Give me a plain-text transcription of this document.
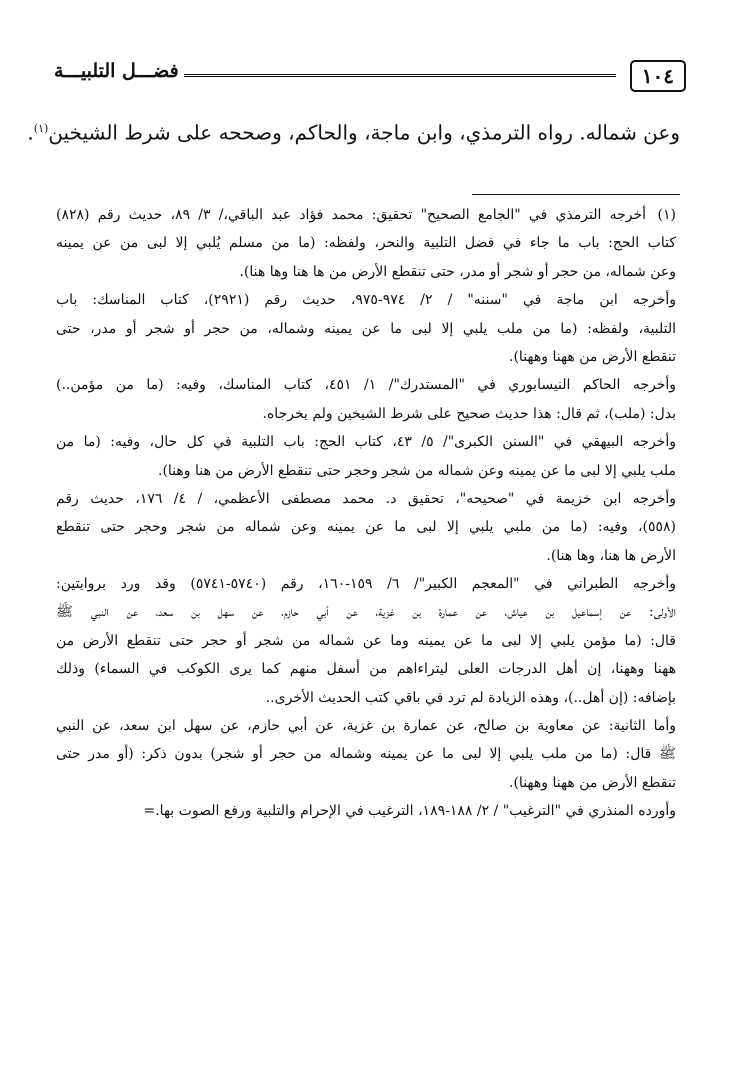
١٠٤
فضـــل التلبيـــة
وعن شماله. رواه الترمذي، وابن ماجة، والحاكم، وصححه على شرط الشيخين$^{(١)}$.
(١)
أخرجه الترمذي في "الجامع الصحيح" تحقيق: محمد فؤاد عبد الباقي،/ ٣/ ٨٩، حديث رقم (٨٢٨)
كتاب الحج: باب ما جاء في فضل التلبية والنحر، ولفظه: (ما من مسلم يُلبي إلا لبى من عن يمينه
وعن شماله، من حجر أو شجر أو مدر، حتى تنقطع الأرض من ها هنا وها هنا).
وأخرجه ابن ماجة في "سننه" / ٢/ ٩٧٤-٩٧٥، حديث رقم (٢٩٢١)، كتاب المناسك: باب
التلبية، ولفظه: (ما من ملب يلبي إلا لبى ما عن يمينه وشماله، من حجر أو شجر أو مدر، حتى
تنقطع الأرض من ههنا وههنا).
وأخرجه الحاكم النيسابوري في "المستدرك"/ ١/ ٤٥١، كتاب المناسك، وفيه: (ما من مؤمن..)
بدل: (ملب)، ثم قال: هذا حديث صحيح على شرط الشيخين ولم يخرجاه.
وأخرجه البيهقي في "السنن الكبرى"/ ٥/ ٤٣، كتاب الحج: باب التلبية في كل حال، وفيه: (ما من
ملب يلبي إلا لبى ما عن يمينه وعن شماله من شجر وحجر حتى تنقطع الأرض من هنا وهنا).
وأخرجه ابن خزيمة في "صحيحه"، تحقيق د. محمد مصطفى الأعظمي، / ٤/ ١٧٦، حديث رقم
(٥٥٨)، وفيه: (ما من ملبي يلبي إلا لبى ما عن يمينه وعن شماله من شجر وحجر حتى تنقطع
الأرض ها هنا، وها هنا).
وأخرجه الطبراني في "المعجم الكبير"/ ٦/ ١٥٩-١٦٠، رقم (٥٧٤٠-٥٧٤١) وقد ورد بروايتين:
الأولى: عن إسماعيل بن عياش، عن عمارة بن غزية، عن أبي حازم، عن سهل بن سعد، عن النبي ﷺ
قال: (ما مؤمن يلبي إلا لبى ما عن يمينه وما عن شماله من شجر أو حجر حتى تنقطع الأرض من
ههنا وههنا، إن أهل الدرجات العلى ليتراءاهم من أسفل منهم كما يرى الكوكب في السماء) وذلك
بإضافه: (إن أهل..)، وهذه الزيادة لم ترد في باقي كتب الحديث الأخرى..
وأما الثانية: عن معاوية بن صالح، عن عمارة بن غزية، عن أبي حازم، عن سهل ابن سعد، عن النبي
ﷺ قال: (ما من ملب يلبي إلا لبى ما عن يمينه وشماله من حجر أو شجر) بدون ذكر: (أو مدر حتى
تنقطع الأرض من ههنا وههنا).
وأورده المنذري في "الترغيب" / ٢/ ١٨٨-١٨٩، الترغيب في الإحرام والتلبية ورفع الصوت بها.=
